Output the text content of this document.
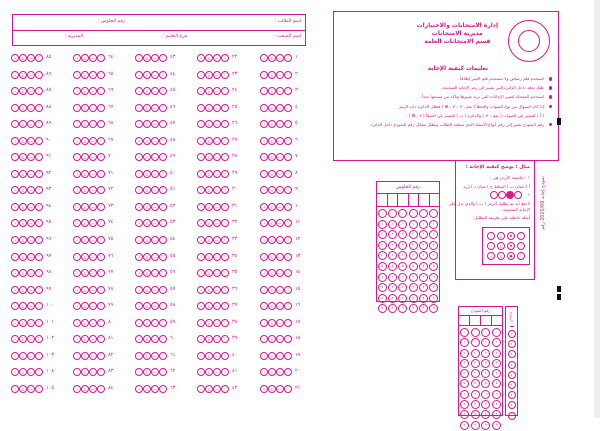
اسم الطالب :
رقم الجلوس :
اسم المبحث :
فرع التعليم :
المديرية :
١
أ
ب
ج
د
٢
أ
ب
ج
د
٣
أ
ب
ج
د
٤
أ
ب
ج
د
٥
أ
ب
ج
د
٦
أ
ب
ج
د
٧
أ
ب
ج
د
٨
أ
ب
ج
د
٩
أ
ب
ج
د
١٠
أ
ب
ج
د
١١
أ
ب
ج
د
١٢
أ
ب
ج
د
١٣
أ
ب
ج
د
١٤
أ
ب
ج
د
١٥
أ
ب
ج
د
١٦
أ
ب
ج
د
١٧
أ
ب
ج
د
١٨
أ
ب
ج
د
١٩
أ
ب
ج
د
٢٠
أ
ب
ج
د
٢١
أ
ب
ج
د
٢٢
أ
ب
ج
د
٢٣
أ
ب
ج
د
٢٤
أ
ب
ج
د
٢٥
أ
ب
ج
د
٢٦
أ
ب
ج
د
٢٧
أ
ب
ج
د
٢٨
أ
ب
ج
د
٢٩
أ
ب
ج
د
٣٠
أ
ب
ج
د
٣١
أ
ب
ج
د
٣٢
أ
ب
ج
د
٣٣
أ
ب
ج
د
٣٤
أ
ب
ج
د
٣٥
أ
ب
ج
د
٣٦
أ
ب
ج
د
٣٧
أ
ب
ج
د
٣٨
أ
ب
ج
د
٣٩
أ
ب
ج
د
٤٠
أ
ب
ج
د
٤١
أ
ب
ج
د
٤٢
أ
ب
ج
د
٤٣
أ
ب
ج
د
٤٤
أ
ب
ج
د
٤٥
أ
ب
ج
د
٤٦
أ
ب
ج
د
٤٧
أ
ب
ج
د
٤٨
أ
ب
ج
د
٤٩
أ
ب
ج
د
٥٠
أ
ب
ج
د
٥١
أ
ب
ج
د
٥٢
أ
ب
ج
د
٥٣
أ
ب
ج
د
٥٤
أ
ب
ج
د
٥٥
أ
ب
ج
د
٥٦
أ
ب
ج
د
٥٧
أ
ب
ج
د
٥٨
أ
ب
ج
د
٥٩
أ
ب
ج
د
٦٠
أ
ب
ج
د
٦١
أ
ب
ج
د
٦٢
أ
ب
ج
د
٦٣
أ
ب
ج
د
٦٤
أ
ب
ج
د
٦٥
أ
ب
ج
د
٦٦
أ
ب
ج
د
٦٧
أ
ب
ج
د
٦٨
أ
ب
ج
د
٦٩
أ
ب
ج
د
٧٠
أ
ب
ج
د
٧١
أ
ب
ج
د
٧٢
أ
ب
ج
د
٧٣
أ
ب
ج
د
٧٤
أ
ب
ج
د
٧٥
أ
ب
ج
د
٧٦
أ
ب
ج
د
٧٧
أ
ب
ج
د
٧٨
أ
ب
ج
د
٧٩
أ
ب
ج
د
٨٠
أ
ب
ج
د
٨١
أ
ب
ج
د
٨٢
أ
ب
ج
د
٨٣
أ
ب
ج
د
٨٤
أ
ب
ج
د
٨٥
أ
ب
ج
د
٨٦
أ
ب
ج
د
٨٧
أ
ب
ج
د
٨٨
أ
ب
ج
د
٨٩
أ
ب
ج
د
٩٠
أ
ب
ج
د
٩١
أ
ب
ج
د
٩٢
أ
ب
ج
د
٩٣
أ
ب
ج
د
٩٤
أ
ب
ج
د
٩٥
أ
ب
ج
د
٩٦
أ
ب
ج
د
٩٧
أ
ب
ج
د
٩٨
أ
ب
ج
د
٩٩
أ
ب
ج
د
١٠٠
أ
ب
ج
د
١٠١
أ
ب
ج
د
١٠٢
أ
ب
ج
د
١٠٣
أ
ب
ج
د
١٠٤
أ
ب
ج
د
١٠٥
أ
ب
ج
د
إدارة الامتحانات والاختبارات
مديرية الامتحانات
قسم الامتحانات العامة
تعليمات كيفية الإجابة
استخدم قلم رصاص ولا تستخدم قلم الحبر إطلاقاً .
ظلل بدقة داخل الدائرة التي تشير إلى رمز الإجابة الصحيحة .
استخدم الممحاة لتغيير الإجابات التي تريد تغييرها وتأكد من مسحها جيداً .
إذا كان السؤال من نوع الصواب والخطأ ( نعم ، لا ، ✔ ، ✖ ) فظلل الدائرة ذات الرمز
( أ ) للتعبير عن الصواب ( نعم ، ✔ ) والدائرة ( ب ) للتعبير عن الخطأ ( لا ، ✖ ) .
رقم النموذج يشير إلى رقم أنواع الأسئلة الذي تسلمه الطالب ويظلل مقابل رقم النموذج داخل الدائرة
مثال : يوضح كيفية الإجابة :
١ - عاصمة الأردن هي :
أ ) عمان ب ) السلط ج ) معان د ) إربد
١
لاحظ أنه تم تظليل الرمز ( ب ) والذي يدل على
الإجابة الصحيحة .
أمثلة خاطئة على طريقة التظليل :
أ
✱
ج
د
أ
✖
ج
د
أ
●
ج
د
نموذج إجابة 2020/08 رقم
رقم الجلوس
٠
١
٢
٣
٤
٥
٦
٧
٨
٩
٠
١
٢
٣
٤
٥
٦
٧
٨
٩
٠
١
٢
٣
٤
٥
٦
٧
٨
٩
٠
١
٢
٣
٤
٥
٦
٧
٨
٩
٠
١
٢
٣
٤
٥
٦
٧
٨
٩
٠
١
٢
٣
٤
٥
٦
٧
٨
٩	رقم النموذج
٠
١
٢
٣
٤
٥
٦
٧
٨
٩
٠
١
٢
٣
٤
٥
٦
٧
٨
٩
٠
١
٢
٣
٤
٥
٦
٧
٨
٩
٠
١
٢
٣
٤
٥
٦
٧
٨
٩
النموذج
١
٢
٣
٤
٥
٦
٧
٨
٩
